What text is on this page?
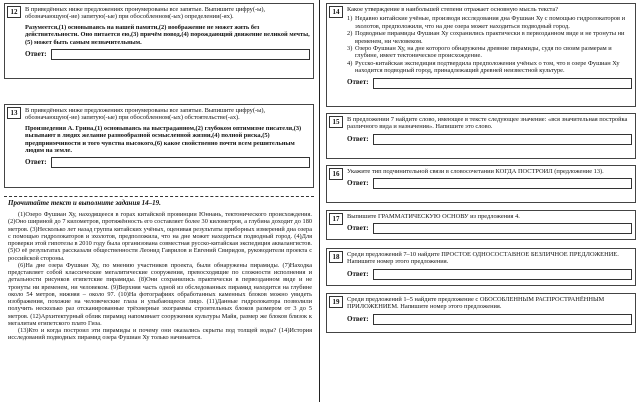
12	В приведённых ниже предложениях пронумерованы все запятые. Выпишите цифру(-ы), обозначающую(-ие) запятую(-ые) при обособленном(-ых) определении(-ях).

Разумеется,(1) основываясь на нашей памяти,(2) воображение не может жить без действительности. Оно питается ею,(3) причём повод,(4) порождающий движение великой мечты,(5) может быть самым незначительным.

Ответ:
13	В приведённых ниже предложениях пронумерованы все запятые. Выпишите цифру(-ы), обозначающую(-ие) запятую(-ые) при обособленном(-ых) обстоятельстве(-ах).

Произведения А. Грина,(1) основываясь на выстраданном,(2) глубоком оптимизме писателя,(3) вызывают в людях желание разнообразной осмысленной жизни,(4) полной риска,(5) предприимчивости и того чувства высокого,(6) какое свойственно почти всем решительным людям на земле.

Ответ:
Прочитайте текст и выполните задания 14–19.

(1)Озеро Фушиан Ху, находящееся в горах китайской провинции Юннань, тектонического происхождения. (2)Оно шириной до 7 километров, протяжённость его составляет более 30 километров, а глубина доходит до 180 метров. (3)Несколько лет назад группа китайских учёных, оценивая результаты приборных измерений дна озера с помощью гидролокаторов и эхолотов, предположила, что на дне может находиться подводный город. (4)Для проверки этой гипотезы в 2010 году была организована совместная русско-китайская экспедиция аквалангистов. (5)О её результатах рассказали общественности Леонид Гаврилов и Евгений Свиридов, руководители проекта с российской стороны.

(6)На дне озера Фушиан Ху, по мнению участников проекта, были обнаружены пирамиды. (7)Находка представляет собой классические мегалитические сооружения, превосходящие по сложности исполнения и детальности рисунков египетские пирамиды. (8)Они сохранились практически в первозданном виде и не тронуты ни временем, ни человеком. (9)Верхняя часть одной из обследованных пирамид находится на глубине около 54 метров, нижняя – около 97. (10)На фотографиях обработанных каменных блоков можно увидеть изображения, похожие на человеческие глаза и улыбающееся лицо. (11)Данные гидролокатора позволили получить несколько раз отсканированные трёхмерные эхограммы строительных блоков размером от 3 до 5 метров. (12)Архитектурный облик пирамид напоминает сооружения культуры Майя, размер же блоков близок к мегалитам египетского плато Гиза.

(13)Кто и когда построил эти пирамиды и почему они оказались скрыты под толщей воды? (14)История исследований подводных пирамид озера Фушиан Ху только начинается.

14	Какое утверждение в наибольшей степени отражает основную мысль текста?

1) Недавно китайские учёные, производя исследования дна Фушиан Ху с помощью гидролокаторов и эхолотов, предположили, что на дне озера может находиться подводный город.
2) Подводные пирамиды Фушиан Ху сохранились практически в первозданном виде и не тронуты ни временем, ни человеком.
3) Озеро Фушиан Ху, на дне которого обнаружены древние пирамиды, судя по своим размерам и глубине, имеет тектоническое происхождение.
4) Русско-китайская экспедиция подтвердила предположения учёных о том, что в озере Фушиан Ху находится подводный город, принадлежащий древней неизвестной культуре.
Ответ:
15	В предложении 7 найдите слово, имеющее в тексте следующее значение: «вся значительная постройка различного вида и назначения». Напишите это слово.

Ответ:
16	Укажите тип подчинительной связи в словосочетании КОГДА ПОСТРОИЛ (предложение 13).

Ответ:
17	Выпишите ГРАММАТИЧЕСКУЮ ОСНОВУ из предложения 4.

Ответ:
18	Среди предложений 7–10 найдите ПРОСТОЕ ОДНОСОСТАВНОЕ БЕЗЛИЧНОЕ ПРЕДЛОЖЕНИЕ. Напишите номер этого предложения.

Ответ:
19	Среди предложений 1–5 найдите предложение с ОБОСОБЛЕННЫМ РАСПРОСТРАНЁННЫМ ПРИЛОЖЕНИЕМ. Напишите номер этого предложения.

Ответ:
